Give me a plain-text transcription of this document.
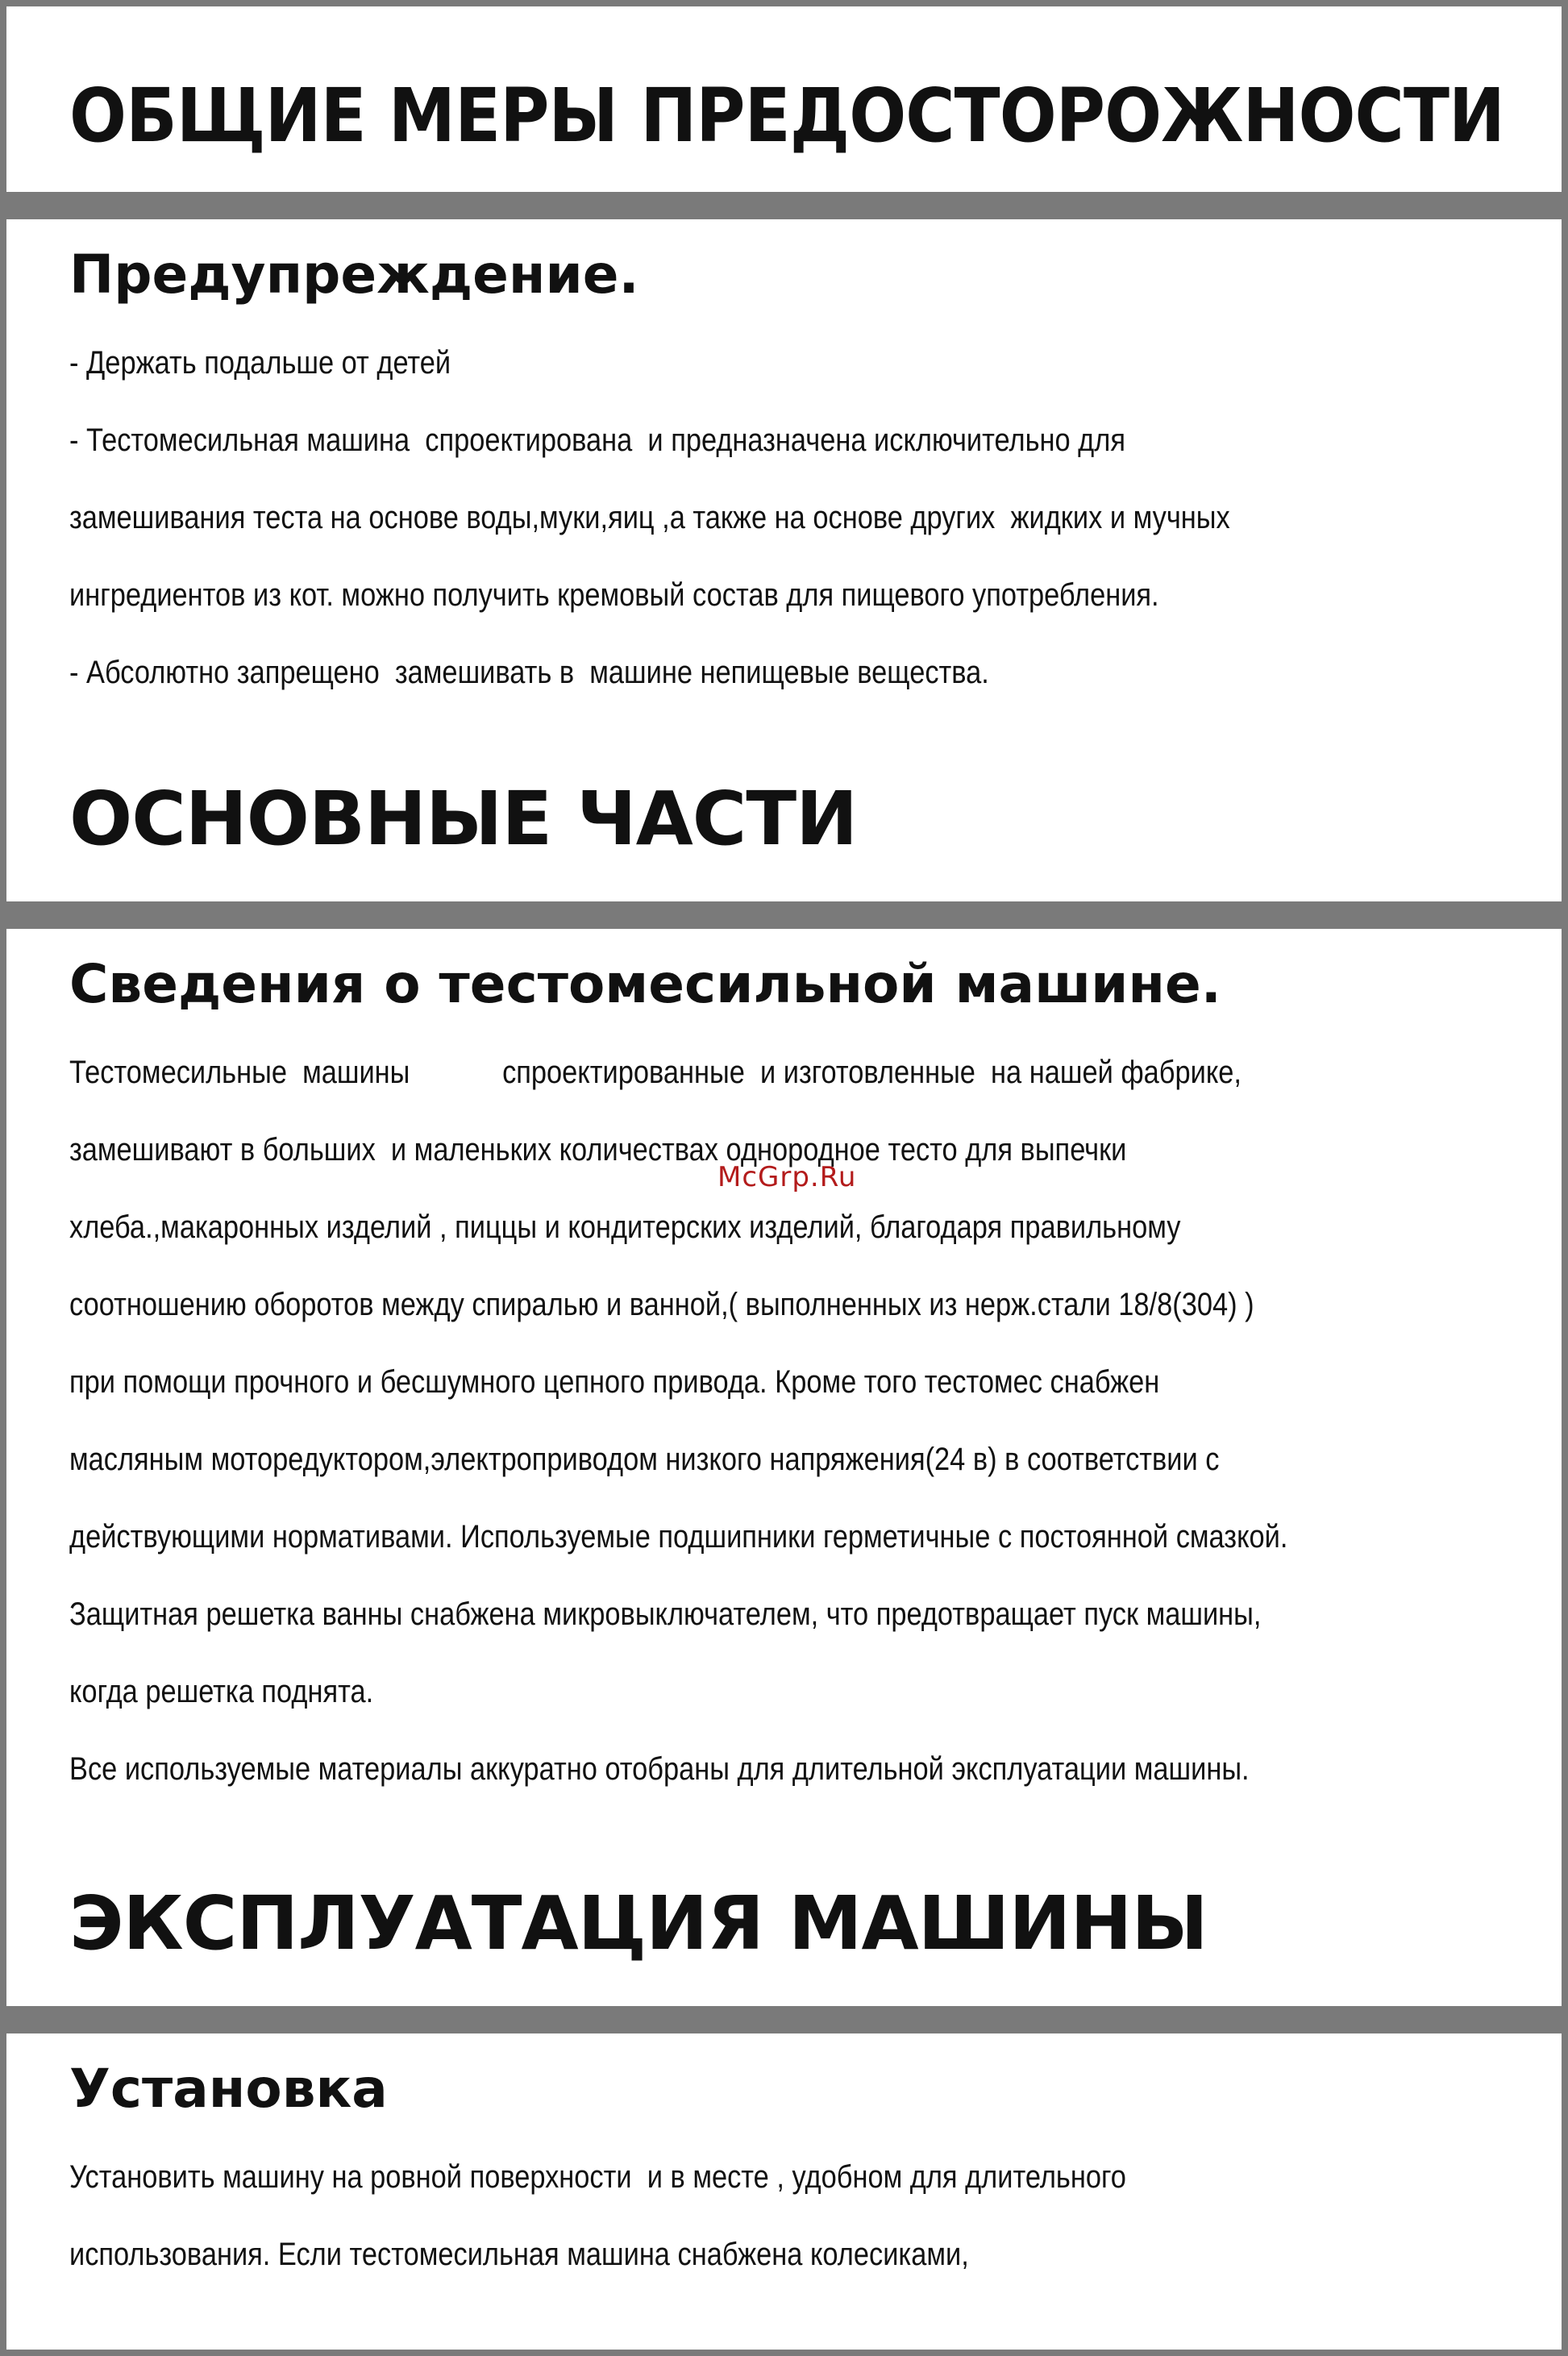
ОБЩИЕ МЕРЫ ПРЕДОСТОРОЖНОСТИ
Предупреждение.
- Держать подальше от детей
- Тестомесильная машина  спроектирована  и предназначена исключительно для
замешивания теста на основе воды,муки,яиц ,а также на основе других  жидких и мучных
ингредиентов из кот. можно получить кремовый состав для пищевого употребления.
- Абсолютно запрещено  замешивать в  машине непищевые вещества.
ОСНОВНЫЕ ЧАСТИ
Сведения о тестомесильной машине.
Тестомесильные  машины            спроектированные  и изготовленные  на нашей фабрике,
замешивают в больших  и маленьких количествах однородное тесто для выпечки
хлеба.,макаронных изделий , пиццы и кондитерских изделий, благодаря правильному
соотношению оборотов между спиралью и ванной,( выполненных из нерж.стали 18/8(304) )
при помощи прочного и бесшумного цепного привода. Кроме того тестомес снабжен
масляным моторедуктором,электроприводом низкого напряжения(24 в) в соответствии с
действующими нормативами. Используемые подшипники герметичные с постоянной смазкой.
Защитная решетка ванны снабжена микровыключателем, что предотвращает пуск машины,
когда решетка поднята.
Все используемые материалы аккуратно отобраны для длительной эксплуатации машины.
ЭКСПЛУАТАЦИЯ МАШИНЫ
Установка
Установить машину на ровной поверхности  и в месте , удобном для длительного
использования. Если тестомесильная машина снабжена колесиками,
McGrp.Ru
